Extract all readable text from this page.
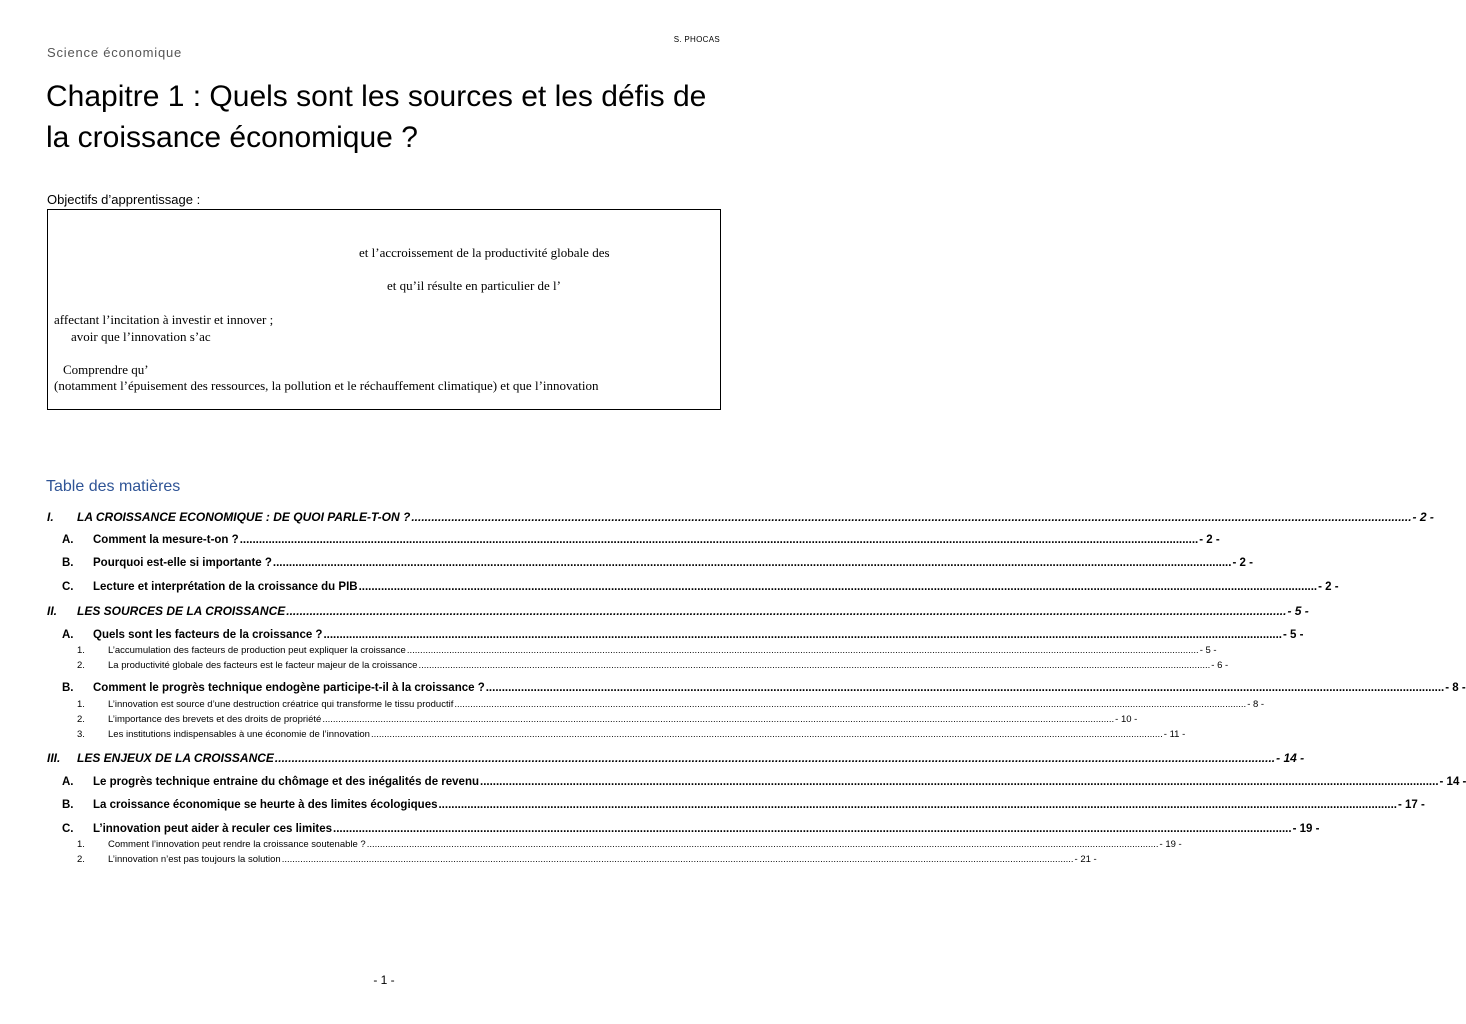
S. PHOCAS
Science économique
Chapitre 1 : Quels sont les sources et les défis de la croissance économique ?
Objectifs d’apprentissage :
et l’accroissement de la productivité globale des
et qu’il résulte en particulier de l’
affectant l’incitation à investir et innover ;
avoir que l’innovation s’ac
Comprendre qu’
(notamment l’épuisement des ressources, la pollution et le réchauffement climatique) et que l’innovation
Table des matières
I.	LA CROISSANCE ECONOMIQUE : DE QUOI PARLE-T-ON ? ............................................................................................................................................................................................................................................................................................................ - 2 -
A.	Comment la mesure-t-on ? ............................................................................................................................................................................................................................................................................................................ - 2 -
B.	Pourquoi est-elle si importante ? ............................................................................................................................................................................................................................................................................................................ - 2 -
C.	Lecture et interprétation de la croissance du PIB ............................................................................................................................................................................................................................................................................................................ - 2 -
II.	LES SOURCES DE LA CROISSANCE ............................................................................................................................................................................................................................................................................................................ - 5 -
A.	Quels sont les facteurs de la croissance ? ............................................................................................................................................................................................................................................................................................................ - 5 -
1.	L’accumulation des facteurs de production peut expliquer la croissance ............................................................................................................................................................................................................................................................................................................ - 5 -
2.	La productivité globale des facteurs est le facteur majeur de la croissance ............................................................................................................................................................................................................................................................................................................ - 6 -
B.	Comment le progrès technique endogène participe-t-il à la croissance ? ............................................................................................................................................................................................................................................................................................................ - 8 -
1.	L’innovation est source d’une destruction créatrice qui transforme le tissu productif ............................................................................................................................................................................................................................................................................................................ - 8 -
2.	L’importance des brevets et des droits de propriété ............................................................................................................................................................................................................................................................................................................ - 10 -
3.	Les institutions indispensables à une économie de l’innovation ............................................................................................................................................................................................................................................................................................................ - 11 -
III.	LES ENJEUX DE LA CROISSANCE ............................................................................................................................................................................................................................................................................................................ - 14 -
A.	Le progrès technique entraine du chômage et des inégalités de revenu ............................................................................................................................................................................................................................................................................................................ - 14 -
B.	La croissance économique se heurte à des limites écologiques ............................................................................................................................................................................................................................................................................................................ - 17 -
C.	L’innovation peut aider à reculer ces limites ............................................................................................................................................................................................................................................................................................................ - 19 -
1.	Comment l’innovation peut rendre la croissance soutenable ? ............................................................................................................................................................................................................................................................................................................ - 19 -
2.	L’innovation n’est pas toujours la solution ............................................................................................................................................................................................................................................................................................................ - 21 -
- 1 -
